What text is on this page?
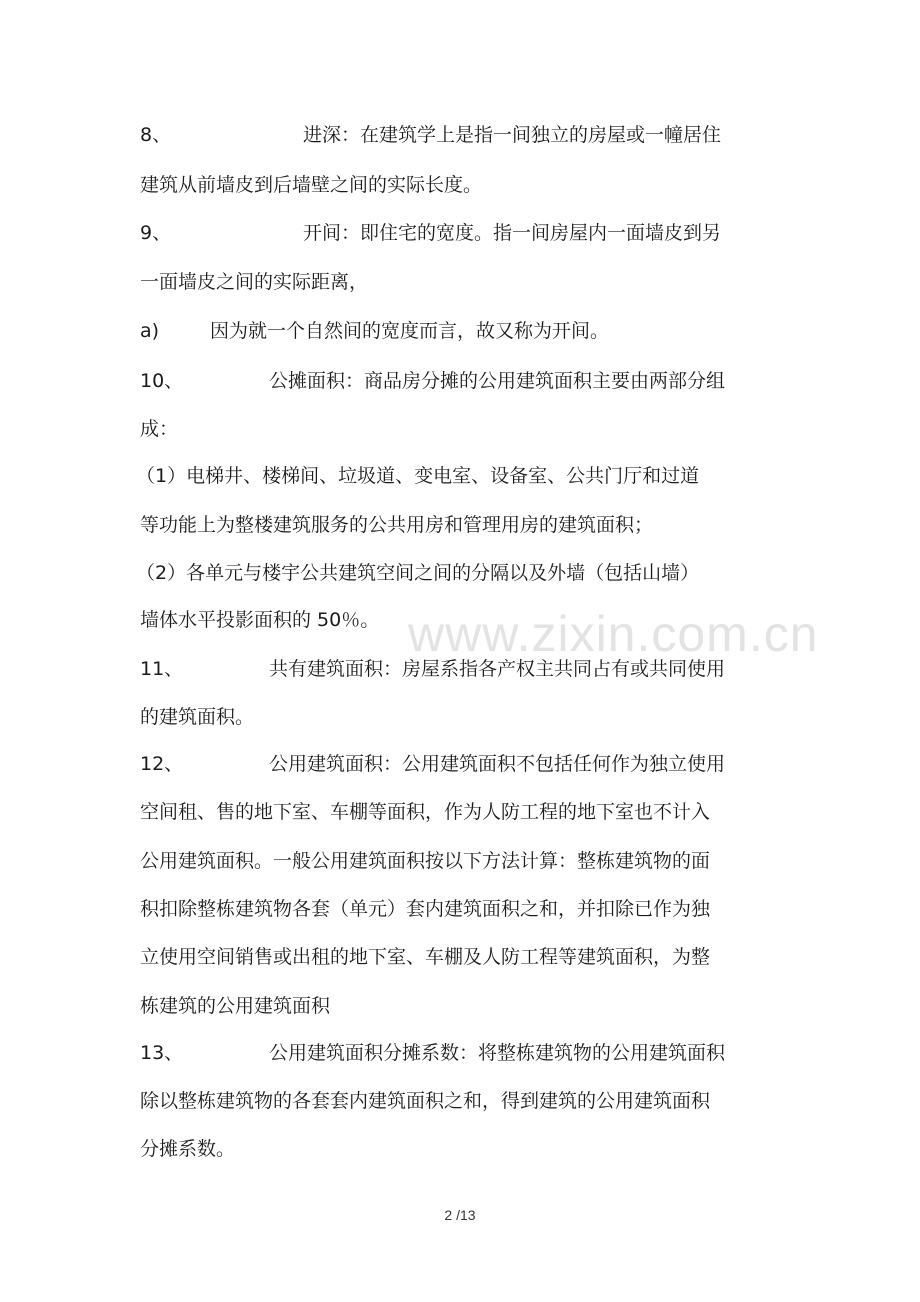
www.zixin.com.cn
8、	进深：在建筑学上是指一间独立的房屋或一幢居住
建筑从前墙皮到后墙壁之间的实际长度。
9、	开间：即住宅的宽度。指一间房屋内一面墙皮到另
一面墙皮之间的实际距离，
a)	因为就一个自然间的宽度而言，故又称为开间。
10、	公摊面积：商品房分摊的公用建筑面积主要由两部分组
成：
（1）电梯井、楼梯间、垃圾道、变电室、设备室、公共门厅和过道
等功能上为整楼建筑服务的公共用房和管理用房的建筑面积；
（2）各单元与楼宇公共建筑空间之间的分隔以及外墙（包括山墙）
墙体水平投影面积的 50％。
11、	共有建筑面积：房屋系指各产权主共同占有或共同使用
的建筑面积。
12、	公用建筑面积：公用建筑面积不包括任何作为独立使用
空间租、售的地下室、车棚等面积，作为人防工程的地下室也不计入
公用建筑面积。一般公用建筑面积按以下方法计算：整栋建筑物的面
积扣除整栋建筑物各套（单元）套内建筑面积之和，并扣除已作为独
立使用空间销售或出租的地下室、车棚及人防工程等建筑面积，为整
栋建筑的公用建筑面积
13、	公用建筑面积分摊系数：将整栋建筑物的公用建筑面积
除以整栋建筑物的各套套内建筑面积之和，得到建筑的公用建筑面积
分摊系数。
2 /13
